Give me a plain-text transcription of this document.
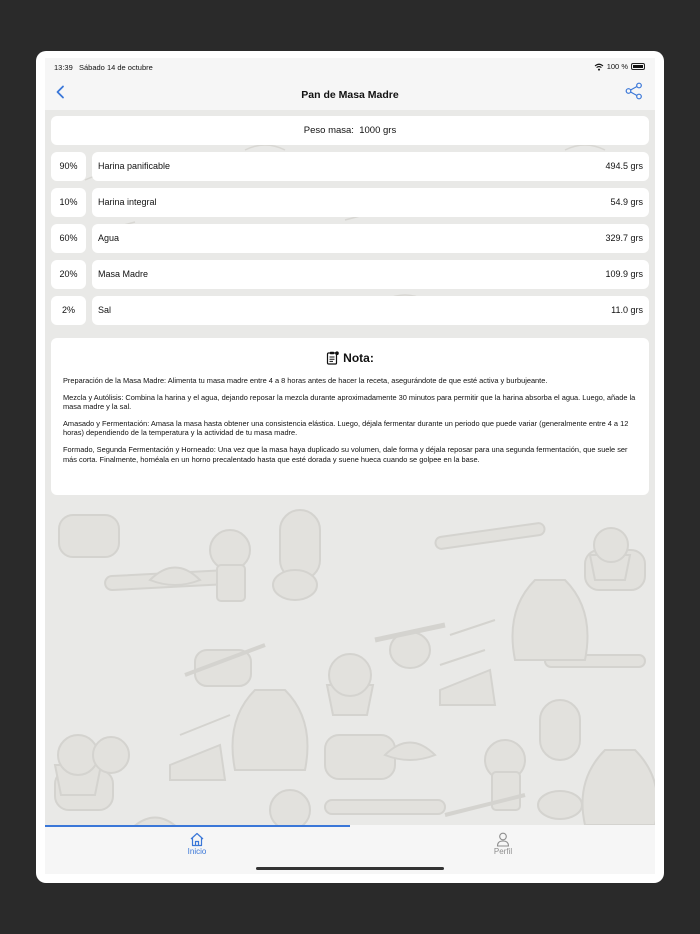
13:39 Sábado 14 de octubre	100 %
Pan de Masa Madre
Peso masa: 1000 grs
90%	Harina panificable	494.5 grs
10%	Harina integral	54.9 grs
60%	Agua	329.7 grs
20%	Masa Madre	109.9 grs
2%	Sal	11.0 grs
Nota:

Preparación de la Masa Madre: Alimenta tu masa madre entre 4 a 8 horas antes de hacer la receta, asegurándote de que esté activa y burbujeante.

Mezcla y Autólisis: Combina la harina y el agua, dejando reposar la mezcla durante aproximadamente 30 minutos para permitir que la harina absorba el agua. Luego, añade la masa madre y la sal.

Amasado y Fermentación: Amasa la masa hasta obtener una consistencia elástica. Luego, déjala fermentar durante un periodo que puede variar (generalmente entre 4 a 12 horas) dependiendo de la temperatura y la actividad de tu masa madre.

Formado, Segunda Fermentación y Horneado: Una vez que la masa haya duplicado su volumen, dale forma y déjala reposar para una segunda fermentación, que suele ser más corta. Finalmente, hornéala en un horno precalentado hasta que esté dorada y suene hueca cuando se golpee en la base.

Inicio	Perfil
